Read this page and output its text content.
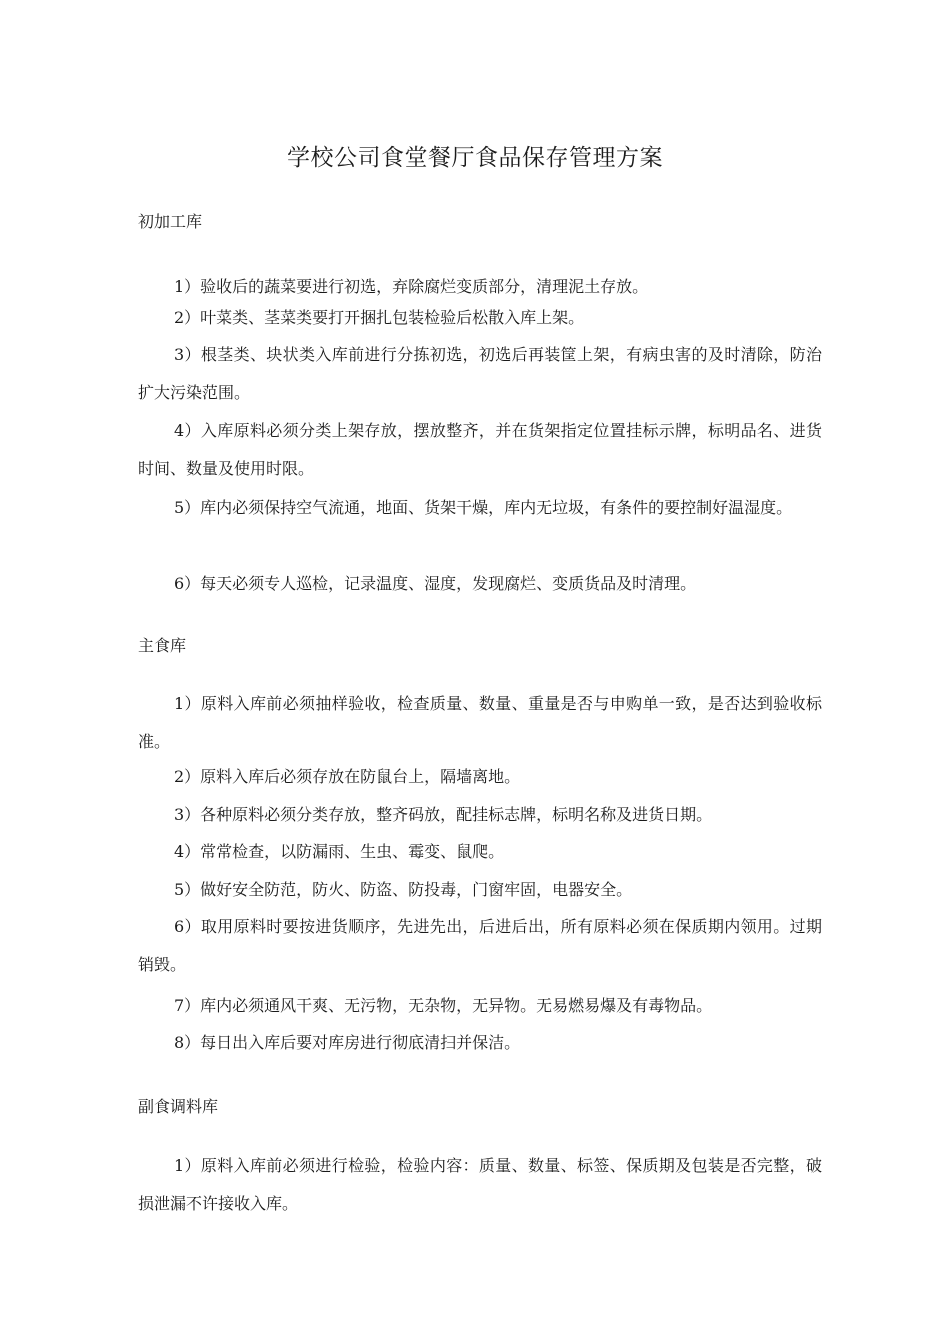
学校公司食堂餐厅食品保存管理方案
初加工库

1）验收后的蔬菜要进行初选，弃除腐烂变质部分，清理泥土存放。

2）叶菜类、茎菜类要打开捆扎包装检验后松散入库上架。

3）根茎类、块状类入库前进行分拣初选，初选后再装筐上架，有病虫害的及时清除，防治扩大污染范围。

4）入库原料必须分类上架存放，摆放整齐，并在货架指定位置挂标示牌，标明品名、进货时间、数量及使用时限。

5）库内必须保持空气流通，地面、货架干燥，库内无垃圾，有条件的要控制好温湿度。

6）每天必须专人巡检，记录温度、湿度，发现腐烂、变质货品及时清理。

主食库

1）原料入库前必须抽样验收，检查质量、数量、重量是否与申购单一致，是否达到验收标准。

2）原料入库后必须存放在防鼠台上，隔墙离地。

3）各种原料必须分类存放，整齐码放，配挂标志牌，标明名称及进货日期。

4）常常检查，以防漏雨、生虫、霉变、鼠爬。

5）做好安全防范，防火、防盗、防投毒，门窗牢固，电器安全。

6）取用原料时要按进货顺序，先进先出，后进后出，所有原料必须在保质期内领用。过期销毁。

7）库内必须通风干爽、无污物，无杂物，无异物。无易燃易爆及有毒物品。

8）每日出入库后要对库房进行彻底清扫并保洁。

副食调料库

1）原料入库前必须进行检验，检验内容：质量、数量、标签、保质期及包装是否完整，破损泄漏不许接收入库。
